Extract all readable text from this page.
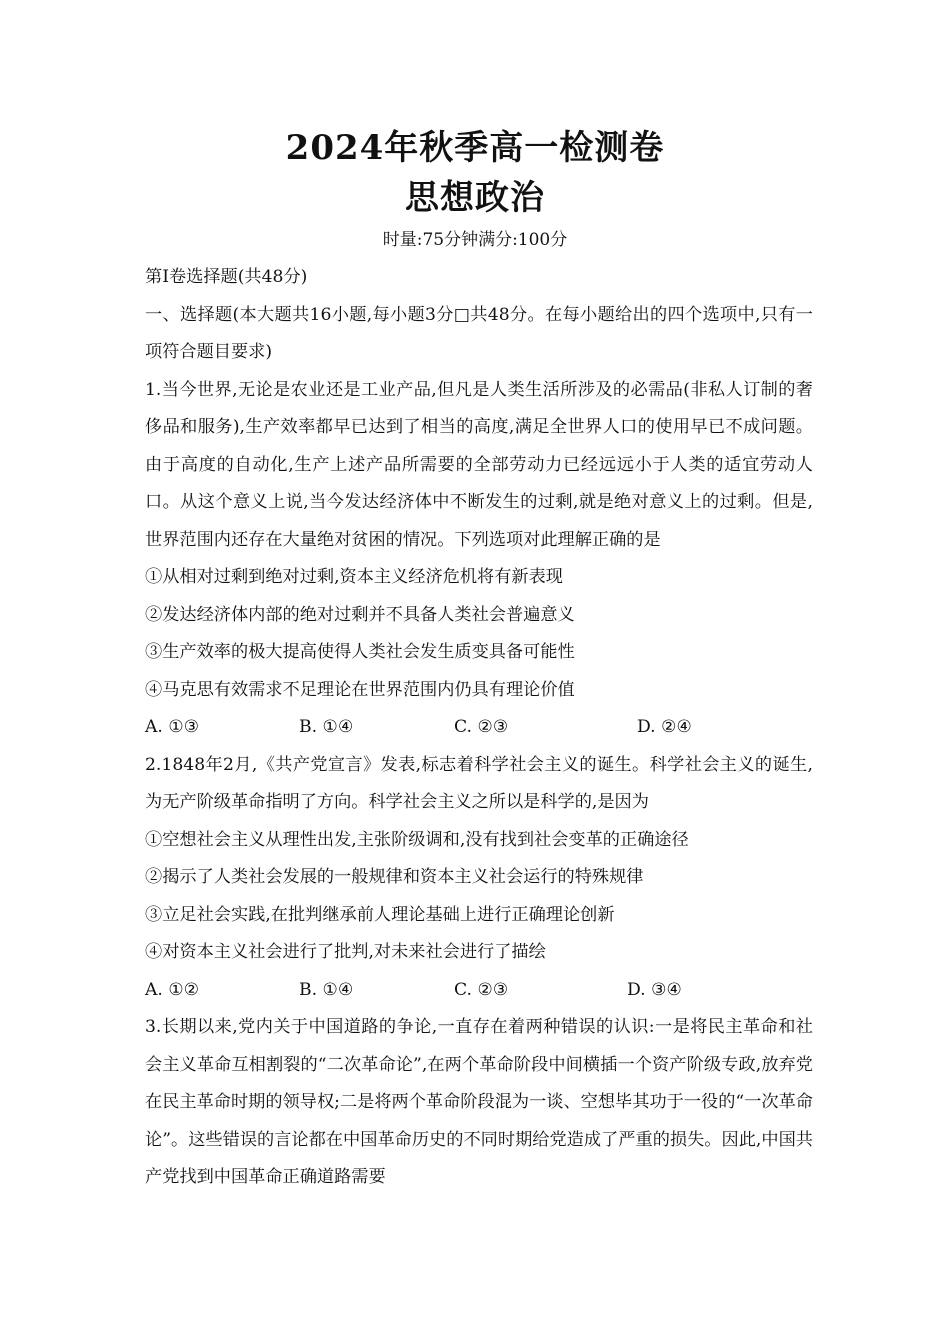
2024年秋季高一检测卷
思想政治
时量:75分钟满分:100分

第Ⅰ卷选择题(共48分)

一、选择题(本大题共16小题,每小题3分□共48分。在每小题给出的四个选项中,只有一项符合题目要求)

1.当今世界,无论是农业还是工业产品,但凡是人类生活所涉及的必需品(非私人订制的奢侈品和服务),生产效率都早已达到了相当的高度,满足全世界人口的使用早已不成问题。由于高度的自动化,生产上述产品所需要的全部劳动力已经远远小于人类的适宜劳动人口。从这个意义上说,当今发达经济体中不断发生的过剩,就是绝对意义上的过剩。但是,世界范围内还存在大量绝对贫困的情况。下列选项对此理解正确的是

①从相对过剩到绝对过剩,资本主义经济危机将有新表现

②发达经济体内部的绝对过剩并不具备人类社会普遍意义

③生产效率的极大提高使得人类社会发生质变具备可能性

④马克思有效需求不足理论在世界范围内仍具有理论价值

A. ①③	B. ①④	C. ②③	D. ②④

2.1848年2月,《共产党宣言》发表,标志着科学社会主义的诞生。科学社会主义的诞生,为无产阶级革命指明了方向。科学社会主义之所以是科学的,是因为

①空想社会主义从理性出发,主张阶级调和,没有找到社会变革的正确途径

②揭示了人类社会发展的一般规律和资本主义社会运行的特殊规律

③立足社会实践,在批判继承前人理论基础上进行正确理论创新

④对资本主义社会进行了批判,对未来社会进行了描绘

A. ①②	B. ①④	C. ②③	D. ③④

3.长期以来,党内关于中国道路的争论,一直存在着两种错误的认识:一是将民主革命和社会主义革命互相割裂的“二次革命论”,在两个革命阶段中间横插一个资产阶级专政,放弃党在民主革命时期的领导权;二是将两个革命阶段混为一谈、空想毕其功于一役的“一次革命论”。这些错误的言论都在中国革命历史的不同时期给党造成了严重的损失。因此,中国共产党找到中国革命正确道路需要
